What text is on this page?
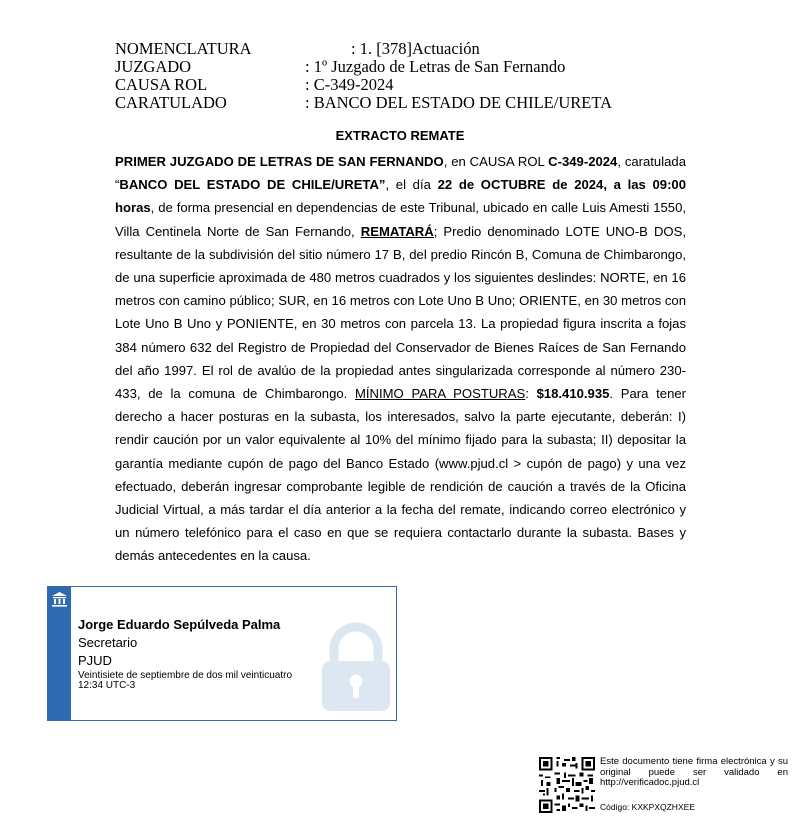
NOMENCLATURA	: 1. [378]Actuación
JUZGADO	: 1º Juzgado de Letras de San Fernando
CAUSA ROL	: C-349-2024
CARATULADO	: BANCO DEL ESTADO DE CHILE/URETA
EXTRACTO REMATE

PRIMER JUZGADO DE LETRAS DE SAN FERNANDO, en CAUSA ROL C-349-2024, caratulada “BANCO DEL ESTADO DE CHILE/URETA”, el día 22 de OCTUBRE de 2024, a las 09:00 horas, de forma presencial en dependencias de este Tribunal, ubicado en calle Luis Amesti 1550, Villa Centinela Norte de San Fernando, REMATARÁ; Predio denominado LOTE UNO-B DOS, resultante de la subdivisión del sitio número 17 B, del predio Rincón B, Comuna de Chimbarongo, de una superficie aproximada de 480 metros cuadrados y los siguientes deslindes: NORTE, en 16 metros con camino público; SUR, en 16 metros con Lote Uno B Uno; ORIENTE, en 30 metros con Lote Uno B Uno y PONIENTE, en 30 metros con parcela 13. La propiedad figura inscrita a fojas 384 número 632 del Registro de Propiedad del Conservador de Bienes Raíces de San Fernando del año 1997. El rol de avalúo de la propiedad antes singularizada corresponde al número 230-433, de la comuna de Chimbarongo. MÍNIMO PARA POSTURAS: $18.410.935. Para tener derecho a hacer posturas en la subasta, los interesados, salvo la parte ejecutante, deberán: I) rendir caución por un valor equivalente al 10% del mínimo fijado para la subasta; II) depositar la garantía mediante cupón de pago del Banco Estado (www.pjud.cl > cupón de pago) y una vez efectuado, deberán ingresar comprobante legible de rendición de caución a través de la Oficina Judicial Virtual, a más tardar el día anterior a la fecha del remate, indicando correo electrónico y un número telefónico para el caso en que se requiera contactarlo durante la subasta. Bases y demás antecedentes en la causa.

Jorge Eduardo Sepúlveda Palma
Secretario
PJUD
Veintisiete de septiembre de dos mil veinticuatro
12:34 UTC-3
Este documento tiene firma electrónica y su original puede ser validado en http://verificadoc.pjud.cl
Código: KXKPXQZHXEE
